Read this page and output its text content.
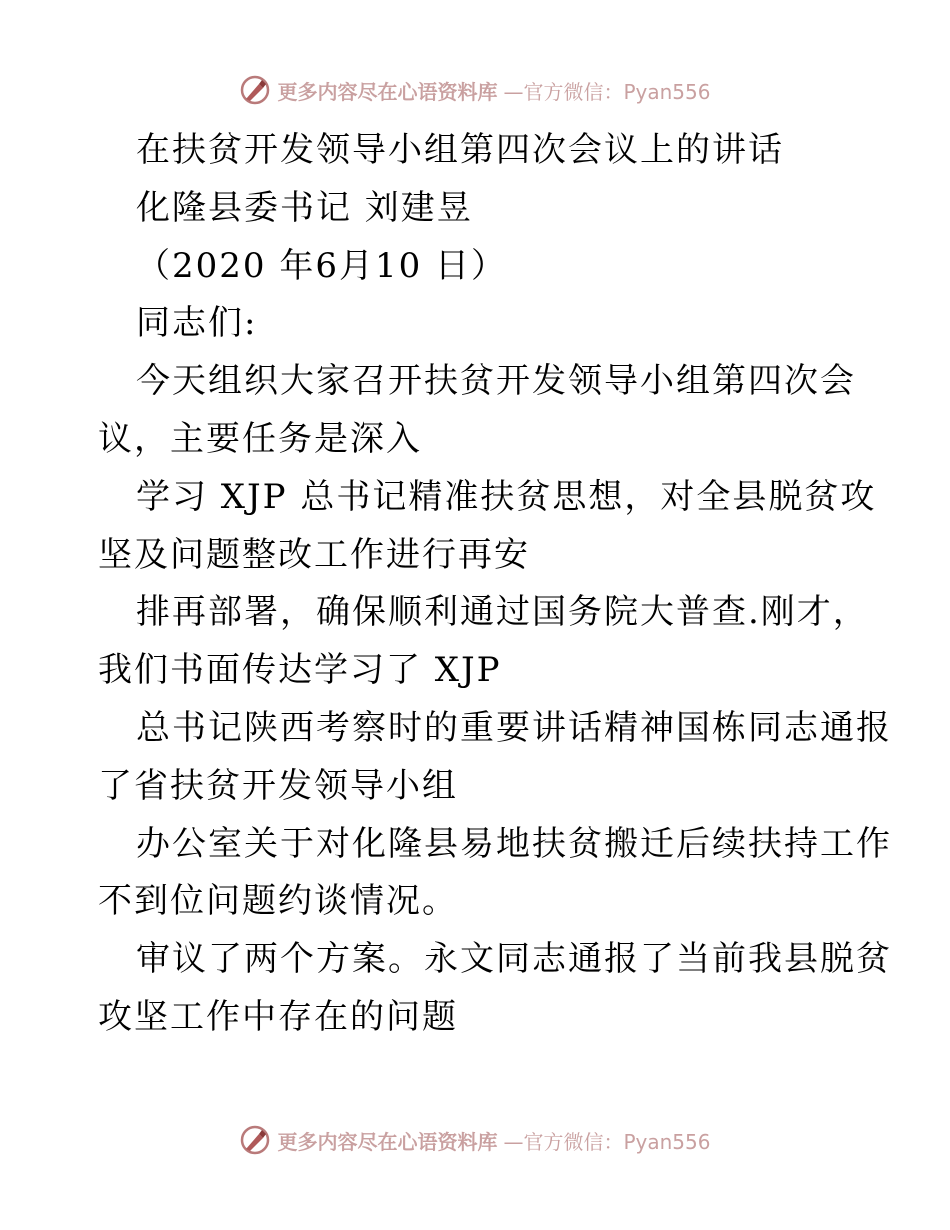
更多内容尽在心语资料库 —官方微信：Pyan556
在扶贫开发领导小组第四次会议上的讲话
化隆县委书记 刘建昱
（2020 年6月10 日）
同志们:
今天组织大家召开扶贫开发领导小组第四次会
议，主要任务是深入
学习 XJP 总书记精准扶贫思想，对全县脱贫攻
坚及问题整改工作进行再安
排再部署，确保顺利通过国务院大普查.刚才，
我们书面传达学习了 XJP
总书记陕西考察时的重要讲话精神国栋同志通报
了省扶贫开发领导小组
办公室关于对化隆县易地扶贫搬迁后续扶持工作
不到位问题约谈情况。
审议了两个方案。永文同志通报了当前我县脱贫
攻坚工作中存在的问题
更多内容尽在心语资料库 —官方微信：Pyan556
